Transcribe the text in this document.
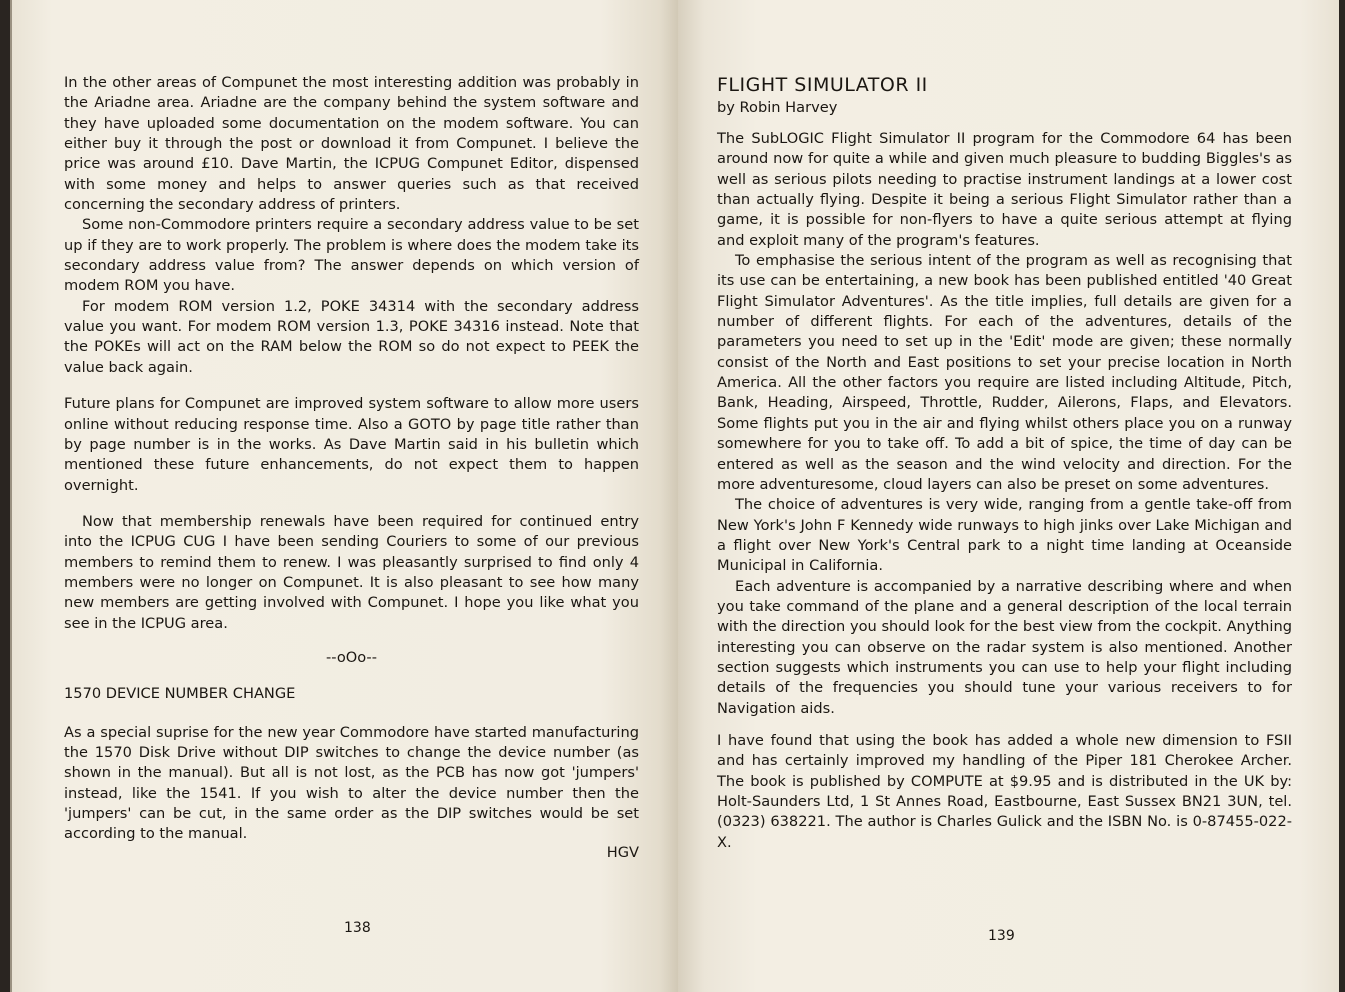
In the other areas of Compunet the most interesting addition was probably in the Ariadne area. Ariadne are the company behind the system software and they have uploaded some documentation on the modem software. You can either buy it through the post or download it from Compunet. I believe the price was around £10. Dave Martin, the ICPUG Compunet Editor, dispensed with some money and helps to answer queries such as that received concerning the secondary address of printers.

Some non-Commodore printers require a secondary address value to be set up if they are to work properly. The problem is where does the modem take its secondary address value from? The answer depends on which version of modem ROM you have.

For modem ROM version 1.2, POKE 34314 with the secondary address value you want. For modem ROM version 1.3, POKE 34316 instead. Note that the POKEs will act on the RAM below the ROM so do not expect to PEEK the value back again.

Future plans for Compunet are improved system software to allow more users online without reducing response time. Also a GOTO by page title rather than by page number is in the works. As Dave Martin said in his bulletin which mentioned these future enhancements, do not expect them to happen overnight.

Now that membership renewals have been required for continued entry into the ICPUG CUG I have been sending Couriers to some of our previous members to remind them to renew. I was pleasantly surprised to find only 4 members were no longer on Compunet. It is also pleasant to see how many new members are getting involved with Compunet. I hope you like what you see in the ICPUG area.

--oOo--

1570 DEVICE NUMBER CHANGE

As a special suprise for the new year Commodore have started manufacturing the 1570 Disk Drive without DIP switches to change the device number (as shown in the manual). But all is not lost, as the PCB has now got 'jumpers' instead, like the 1541. If you wish to alter the device number then the 'jumpers' can be cut, in the same order as the DIP switches would be set according to the manual.

HGV

138
FLIGHT SIMULATOR II
by Robin Harvey

The SubLOGIC Flight Simulator II program for the Commodore 64 has been around now for quite a while and given much pleasure to budding Biggles's as well as serious pilots needing to practise instrument landings at a lower cost than actually flying. Despite it being a serious Flight Simulator rather than a game, it is possible for non-flyers to have a quite serious attempt at flying and exploit many of the program's features.

To emphasise the serious intent of the program as well as recognising that its use can be entertaining, a new book has been published entitled '40 Great Flight Simulator Adventures'. As the title implies, full details are given for a number of different flights. For each of the adventures, details of the parameters you need to set up in the 'Edit' mode are given; these normally consist of the North and East positions to set your precise location in North America. All the other factors you require are listed including Altitude, Pitch, Bank, Heading, Airspeed, Throttle, Rudder, Ailerons, Flaps, and Elevators. Some flights put you in the air and flying whilst others place you on a runway somewhere for you to take off. To add a bit of spice, the time of day can be entered as well as the season and the wind velocity and direction. For the more adventuresome, cloud layers can also be preset on some adventures.

The choice of adventures is very wide, ranging from a gentle take-off from New York's John F Kennedy wide runways to high jinks over Lake Michigan and a flight over New York's Central park to a night time landing at Oceanside Municipal in California.

Each adventure is accompanied by a narrative describing where and when you take command of the plane and a general description of the local terrain with the direction you should look for the best view from the cockpit. Anything interesting you can observe on the radar system is also mentioned. Another section suggests which instruments you can use to help your flight including details of the frequencies you should tune your various receivers to for Navigation aids.

I have found that using the book has added a whole new dimension to FSII and has certainly improved my handling of the Piper 181 Cherokee Archer. The book is published by COMPUTE at $9.95 and is distributed in the UK by: Holt-Saunders Ltd, 1 St Annes Road, Eastbourne, East Sussex BN21 3UN, tel. (0323) 638221. The author is Charles Gulick and the ISBN No. is 0-87455-022-X.

139
